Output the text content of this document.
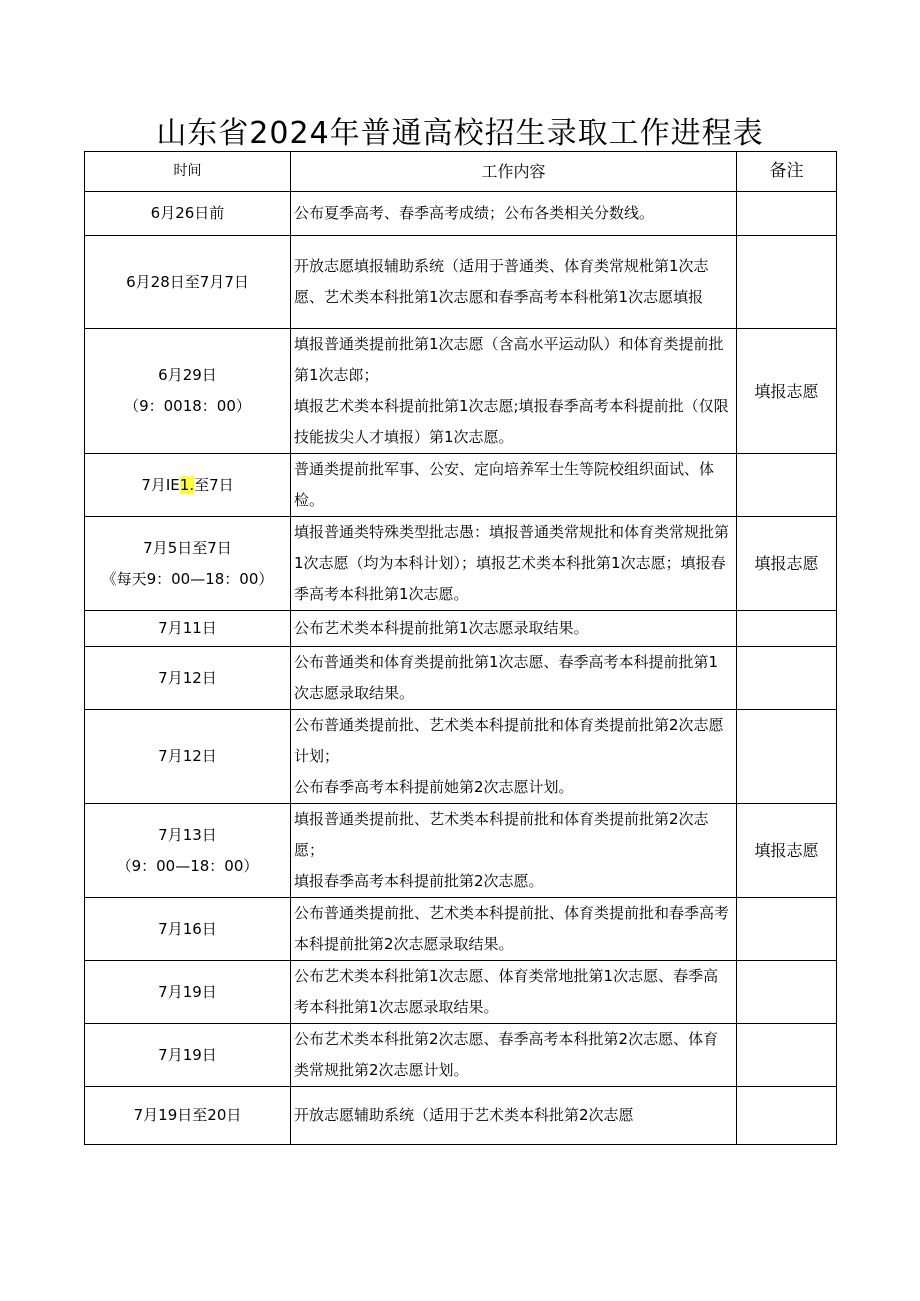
山东省2024年普通高校招生录取工作进程表
时间	工作内容	备注

6月26日前	公布夏季高考、春季高考成绩；公布各类相关分数线。	

6月28日至7月7日	开放志愿填报辅助系统（适用于普通类、体育类常规枇第1次志愿、艺术类本科批第1次志愿和春季高考本科枇第1次志愿填报	

6月29日
（9：0018：00）	填报普通类提前批第1次志愿（含高水平运动队）和体育类提前批第1次志郎；
填报艺术类本科提前批第1次志愿;填报春季高考本科提前批（仅限技能拔尖人才填报）第1次志愿。	填报志愿
7月IE1.至7日	普通类提前批军事、公安、定向培养军士生等院校组织面试、体检。	

7月5日至7日
《每天9：00—18：00）	填报普通类特殊类型批志愚：填报普通类常规批和体育类常规批第1次志愿（均为本科计划）；填报艺术类本科批第1次志愿；填报春季高考本科批第1次志愿。	填报志愿

7月11日	公布艺术类本科提前批第1次志愿录取结果。	

7月12日	公布普通类和体育类提前批第1次志愿、春季高考本科提前批第1次志愿录取结果。	

7月12日	公布普通类提前批、艺术类本科提前批和体育类提前批第2次志愿计划；
公布春季高考本科提前她第2次志愿计划。	

7月13日
（9：00—18：00）	填报普通类提前批、艺术类本科提前批和体育类提前批第2次志愿；
填报春季高考本科提前批第2次志愿。	填报志愿

7月16日	公布普通类提前批、艺术类本科提前批、体育类提前批和春季高考本科提前批第2次志愿录取结果。	

7月19日	公布艺术类本科批第1次志愿、体育类常地批第1次志愿、春季高考本科批第1次志愿录取结果。	

7月19日	公布艺术类本科批第2次志愿、春季高考本科批第2次志愿、体育类常规批第2次志愿计划。	

7月19日至20日	开放志愿辅助系统（适用于艺术类本科批第2次志愿	
